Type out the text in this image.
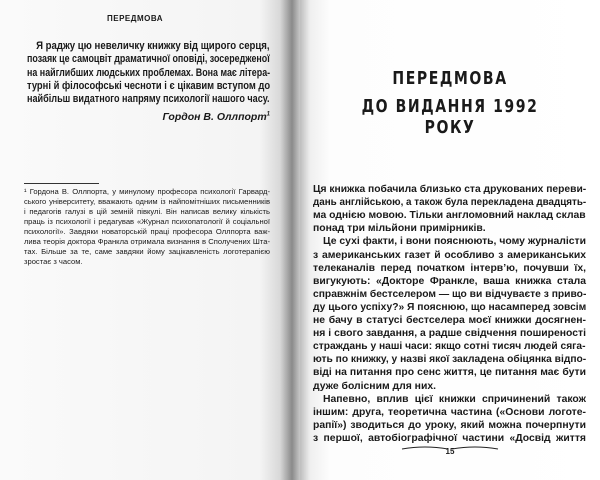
ПЕРЕДМОВА
Я раджу цю невеличку книжку від щирого серця,
позаяк це самоцвіт драматичної оповіді, зосередженої
на найглибших людських проблемах. Вона має літера-
турні й філософські чесноти і є цікавим вступом до
найбільш видатного напряму психології нашого часу.
Гордон В. Оллпорт$^1$
¹ Гордона В. Оллпорта, у минулому професора психології Гарвард-
ського університету, вважають одним із найпомітніших письменників
і педагогів галузі в цій земній півкулі. Він написав велику кількість
праць із психології і редагував «Журнал психопатології й соціальної
психології». Завдяки новаторській праці професора Оллпорта важ-
лива теорія доктора Франкла отримала визнання в Сполучених Шта-
тах. Більше за те, саме завдяки йому зацікавленість логотерапією
зростає з часом.
ПЕРЕДМОВА
ДО ВИДАННЯ 1992 РОКУ
Ця книжка побачила близько ста друкованих переви-
дань англійською, а також була перекладена двадцять-
ма однією мовою. Тільки англомовний наклад склав
понад три мільйони примірників.
Це сухі факти, і вони пояснюють, чому журналісти
з американських газет й особливо з американських
телеканалів перед початком інтерв’ю, почувши їх,
вигукують: «Докторе Франкле, ваша книжка стала
справжнім бестселером — що ви відчуваєте з приво-
ду цього успіху?» Я пояснюю, що насамперед зовсім
не бачу в статусі бестселера моєї книжки досягнен-
ня і свого завдання, а радше свідчення поширеності
страждань у наші часи: якщо сотні тисяч людей сяга-
ють по книжку, у назві якої закладена обіцянка відпо-
віді на питання про сенс життя, це питання має бути
дуже болісним для них.
Напевно, вплив цієї книжки спричинений також
іншим: друга, теоретична частина («Основи логоте-
рапії») зводиться до уроку, який можна почерпнути
з першої, автобіографічної частини «Досвід життя
15
